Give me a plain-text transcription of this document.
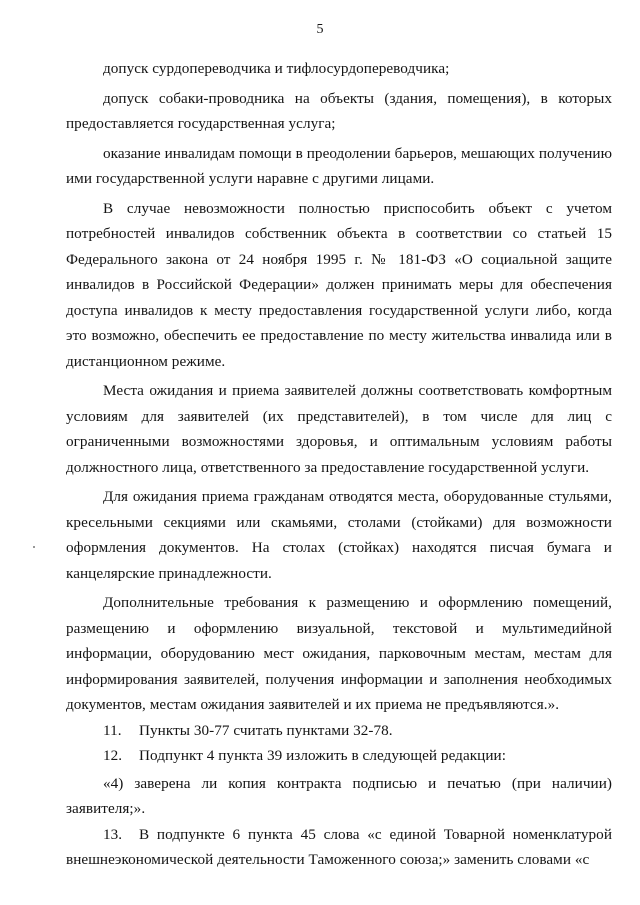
5

допуск сурдопереводчика и тифлосурдопереводчика;

допуск собаки-проводника на объекты (здания, помещения), в которых предоставляется государственная услуга;

оказание инвалидам помощи в преодолении барьеров, мешающих получению ими государственной услуги наравне с другими лицами.

В случае невозможности полностью приспособить объект с учетом потребностей инвалидов собственник объекта в соответствии со статьей 15 Федерального закона от 24 ноября 1995 г. № 181-ФЗ «О социальной защите инвалидов в Российской Федерации» должен принимать меры для обеспечения доступа инвалидов к месту предоставления государственной услуги либо, когда это возможно, обеспечить ее предоставление по месту жительства инвалида или в дистанционном режиме.

Места ожидания и приема заявителей должны соответствовать комфортным условиям для заявителей (их представителей), в том числе для лиц с ограниченными возможностями здоровья, и оптимальным условиям работы должностного лица, ответственного за предоставление государственной услуги.

Для ожидания приема гражданам отводятся места, оборудованные стульями, кресельными секциями или скамьями, столами (стойками) для возможности оформления документов. На столах (стойках) находятся писчая бумага и канцелярские принадлежности.

Дополнительные требования к размещению и оформлению помещений, размещению и оформлению визуальной, текстовой и мультимедийной информации, оборудованию мест ожидания, парковочным местам, местам для информирования заявителей, получения информации и заполнения необходимых документов, местам ожидания заявителей и их приема не предъявляются.».

11. Пункты 30-77 считать пунктами 32-78.

12. Подпункт 4 пункта 39 изложить в следующей редакции:

«4) заверена ли копия контракта подписью и печатью (при наличии) заявителя;».

13. В подпункте 6 пункта 45 слова «с единой Товарной номенклатурой внешнеэкономической деятельности Таможенного союза;» заменить словами «с
